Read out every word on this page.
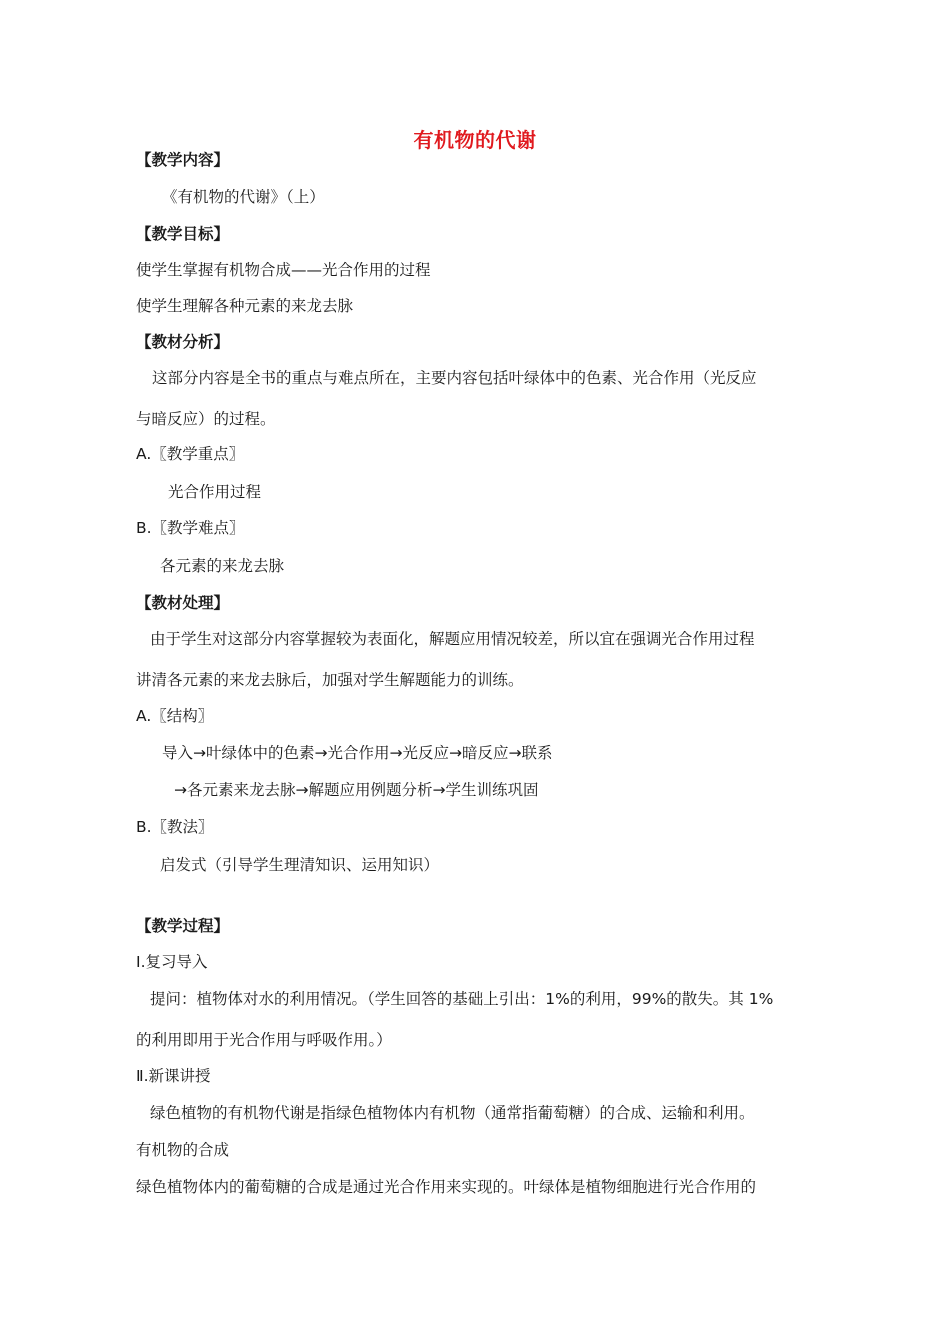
有机物的代谢
【教学内容】
《有机物的代谢》（上）
【教学目标】
使学生掌握有机物合成——光合作用的过程
使学生理解各种元素的来龙去脉
【教材分析】
这部分内容是全书的重点与难点所在，主要内容包括叶绿体中的色素、光合作用（光反应
与暗反应）的过程。
A.〖教学重点〗
光合作用过程
B.〖教学难点〗
各元素的来龙去脉
【教材处理】
由于学生对这部分内容掌握较为表面化，解题应用情况较差，所以宜在强调光合作用过程
讲清各元素的来龙去脉后，加强对学生解题能力的训练。
A.〖结构〗
导入→叶绿体中的色素→光合作用→光反应→暗反应→联系
→各元素来龙去脉→解题应用例题分析→学生训练巩固
B.〖教法〗
启发式（引导学生理清知识、运用知识）
【教学过程】
Ⅰ.复习导入
提问：植物体对水的利用情况。（学生回答的基础上引出：1%的利用，99%的散失。其 1%
的利用即用于光合作用与呼吸作用。）
Ⅱ.新课讲授
绿色植物的有机物代谢是指绿色植物体内有机物（通常指葡萄糖）的合成、运输和利用。
有机物的合成
绿色植物体内的葡萄糖的合成是通过光合作用来实现的。叶绿体是植物细胞进行光合作用的
